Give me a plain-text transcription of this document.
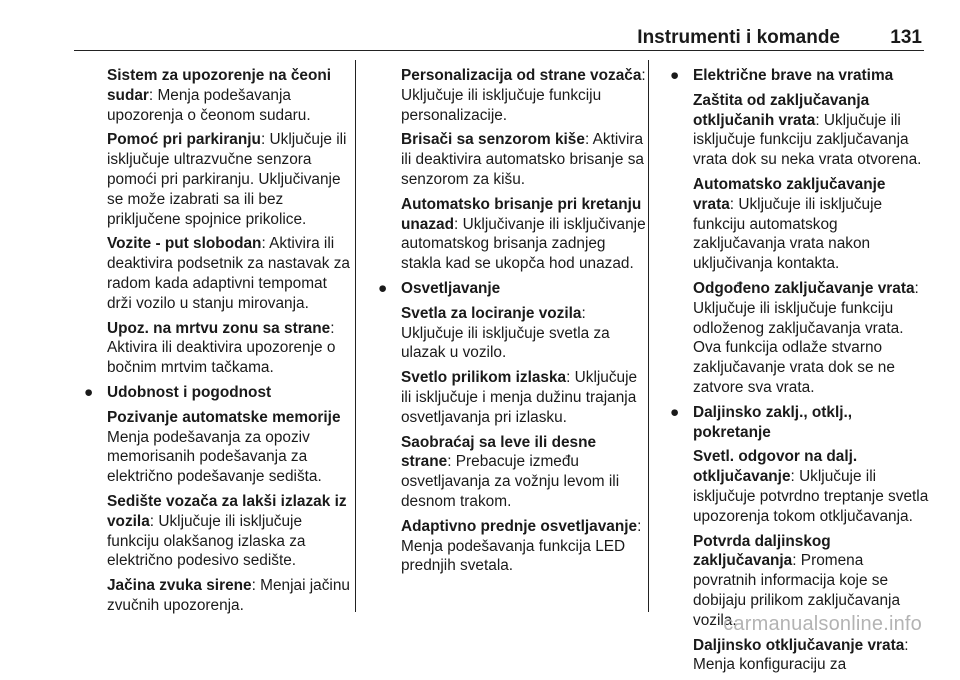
Instrumenti i komande	131
Sistem za upozorenje na čeoni sudar: Menja podešavanja upozorenja o čeonom sudaru.
Pomoć pri parkiranju: Uključuje ili isključuje ultrazvučne senzora pomoći pri parkiranju. Uključivanje se može izabrati sa ili bez priključene spojnice prikolice.
Vozite - put slobodan: Aktivira ili deaktivira podsetnik za nastavak za radom kada adaptivni tempomat drži vozilo u stanju mirovanja.
Upoz. na mrtvu zonu sa strane: Aktivira ili deaktivira upozorenje o bočnim mrtvim tačkama.
● Udobnost i pogodnost
Pozivanje automatske memorije Menja podešavanja za opoziv memorisanih podešavanja za električno podešavanje sedišta.
Sedište vozača za lakši izlazak iz vozila: Uključuje ili isključuje funkciju olakšanog izlaska za električno podesivo sedište.
Jačina zvuka sirene: Menjai jačinu zvučnih upozorenja.
Personalizacija od strane vozača: Uključuje ili isključuje funkciju personalizacije.
Brisači sa senzorom kiše: Aktivira ili deaktivira automatsko brisanje sa senzorom za kišu.
Automatsko brisanje pri kretanju unazad: Uključivanje ili isključivanje automatskog brisanja zadnjeg stakla kad se ukopča hod unazad.
● Osvetljavanje
Svetla za lociranje vozila: Uključuje ili isključuje svetla za ulazak u vozilo.
Svetlo prilikom izlaska: Uključuje ili isključuje i menja dužinu trajanja osvetljavanja pri izlasku.
Saobraćaj sa leve ili desne strane: Prebacuje između osvetljavanja za vožnju levom ili desnom trakom.
Adaptivno prednje osvetljavanje: Menja podešavanja funkcija LED prednjih svetala.
● Električne brave na vratima
Zaštita od zaključavanja otključanih vrata: Uključuje ili isključuje funkciju zaključavanja vrata dok su neka vrata otvorena.
Automatsko zaključavanje vrata: Uključuje ili isključuje funkciju automatskog zaključavanja vrata nakon uključivanja kontakta.
Odgođeno zaključavanje vrata: Uključuje ili isključuje funkciju odloženog zaključavanja vrata. Ova funkcija odlaže stvarno zaključavanje vrata dok se ne zatvore sva vrata.
● Daljinsko zaklj., otklj., pokretanje
Svetl. odgovor na dalj. otključavanje: Uključuje ili isključuje potvrdno treptanje svetla upozorenja tokom otključavanja.
Potvrda daljinskog zaključavanja: Promena povratnih informacija koje se dobijaju prilikom zaključavanja vozila.
Daljinsko otključavanje vrata: Menja konfiguraciju za
carmanualsonline.info
